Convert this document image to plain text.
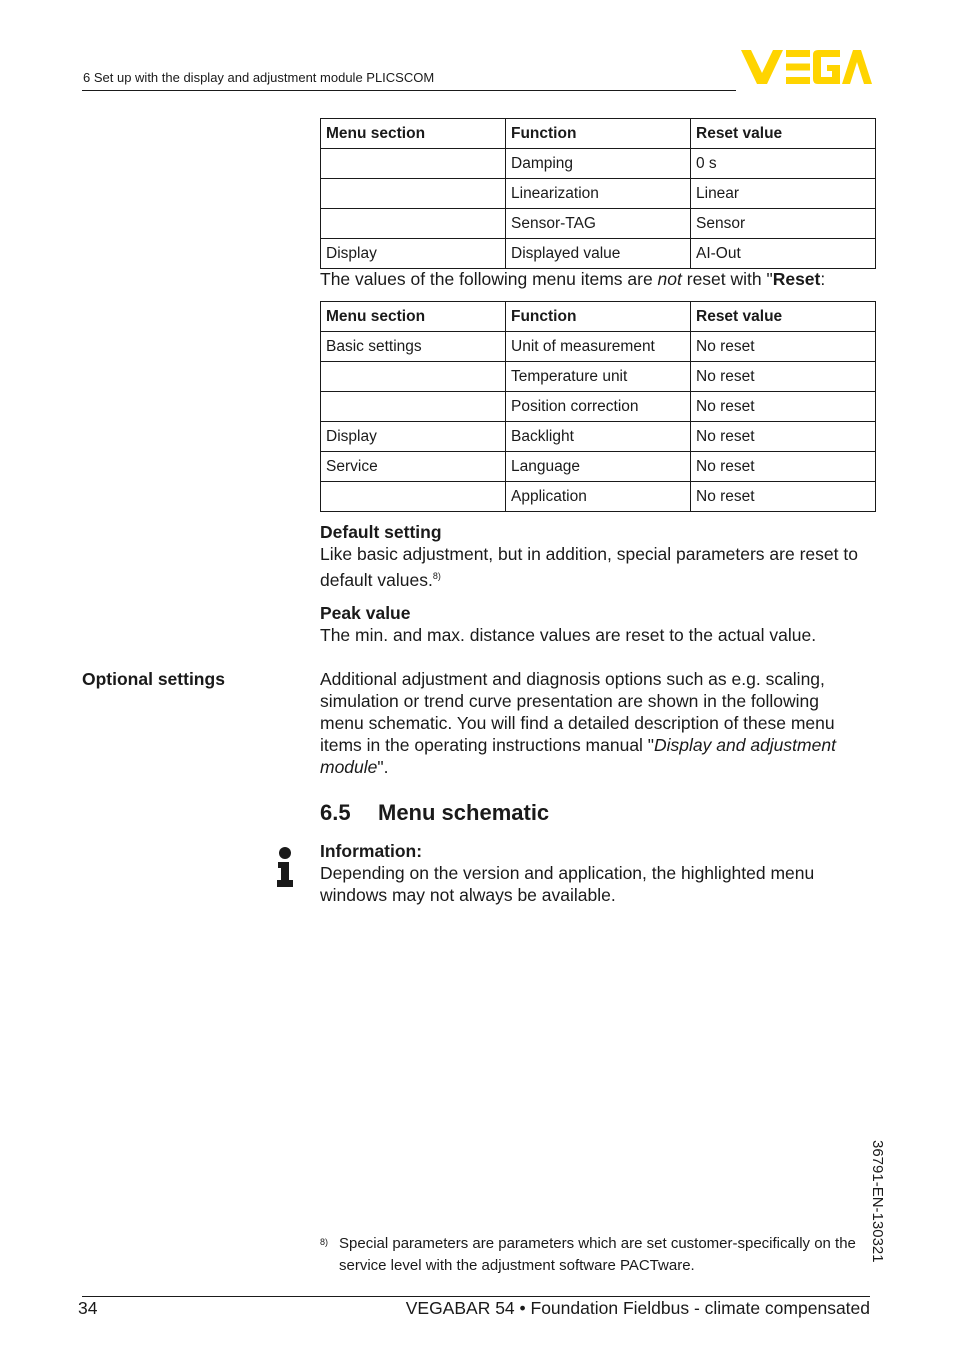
6 Set up with the display and adjustment module PLICSCOM
Menu section	Function	Reset value
	Damping	0 s
	Linearization	Linear
	Sensor-TAG	Sensor
Display	Displayed value	AI-Out
The values of the following menu items are not reset with "Reset:
Menu section	Function	Reset value
Basic settings	Unit of measurement	No reset
	Temperature unit	No reset
	Position correction	No reset
Display	Backlight	No reset
Service	Language	No reset
	Application	No reset
Default setting
Like basic adjustment, but in addition, special parameters are reset to default values.$^{8)}$
Peak value
The min. and max. distance values are reset to the actual value.
Optional settings	Additional adjustment and diagnosis options such as e.g. scaling, simulation or trend curve presentation are shown in the following menu schematic. You will find a detailed description of these menu items in the operating instructions manual "Display and adjustment module".
6.5 Menu schematic
Information:
Depending on the version and application, the highlighted menu windows may not always be available.
36791-EN-130321
8) Special parameters are parameters which are set customer-specifically on the service level with the adjustment software PACTware.
34	VEGABAR 54 • Foundation Fieldbus - climate compensated
